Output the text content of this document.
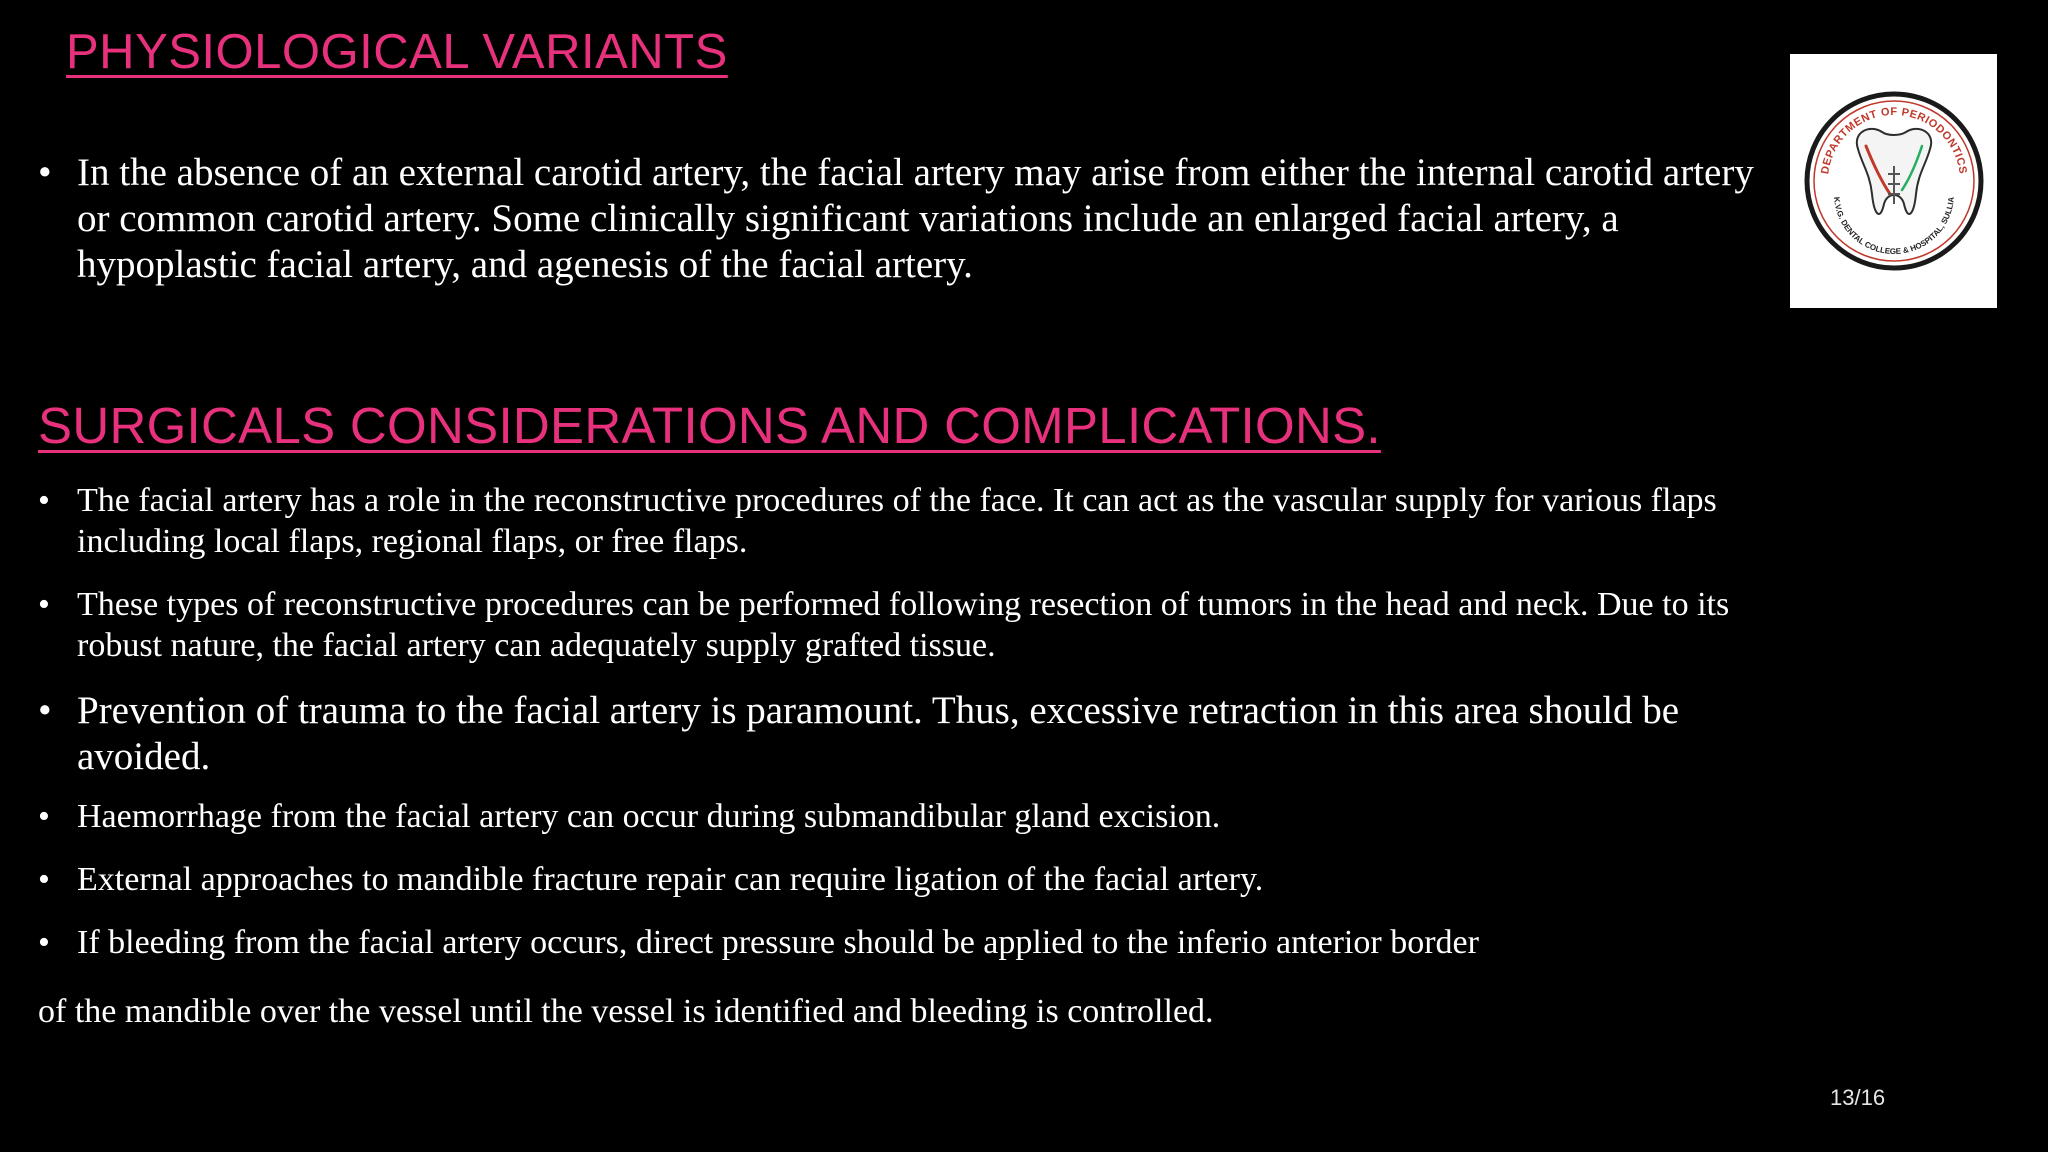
PHYSIOLOGICAL VARIANTS
• In the absence of an external carotid artery, the facial artery may arise from either the internal carotid artery or common carotid artery. Some clinically significant variations include an enlarged facial artery, a hypoplastic facial artery, and agenesis of the facial artery.
SURGICALS CONSIDERATIONS AND COMPLICATIONS.
• The facial artery has a role in the reconstructive procedures of the face. It can act as the vascular supply for various flaps including local flaps, regional flaps, or free flaps.
• These types of reconstructive procedures can be performed following resection of tumors in the head and neck. Due to its robust nature, the facial artery can adequately supply grafted tissue.
• Prevention of trauma to the facial artery is paramount. Thus, excessive retraction in this area should be avoided.
• Haemorrhage from the facial artery can occur during submandibular gland excision.
• External approaches to mandible fracture repair can require ligation of the facial artery.
• If bleeding from the facial artery occurs, direct pressure should be applied to the inferio anterior border
of the mandible over the vessel until the vessel is identified and bleeding is controlled.
DEPARTMENT OF PERIODONTICS
K.V.G. DENTAL COLLEGE & HOSPITAL, SULLIA
13/16
